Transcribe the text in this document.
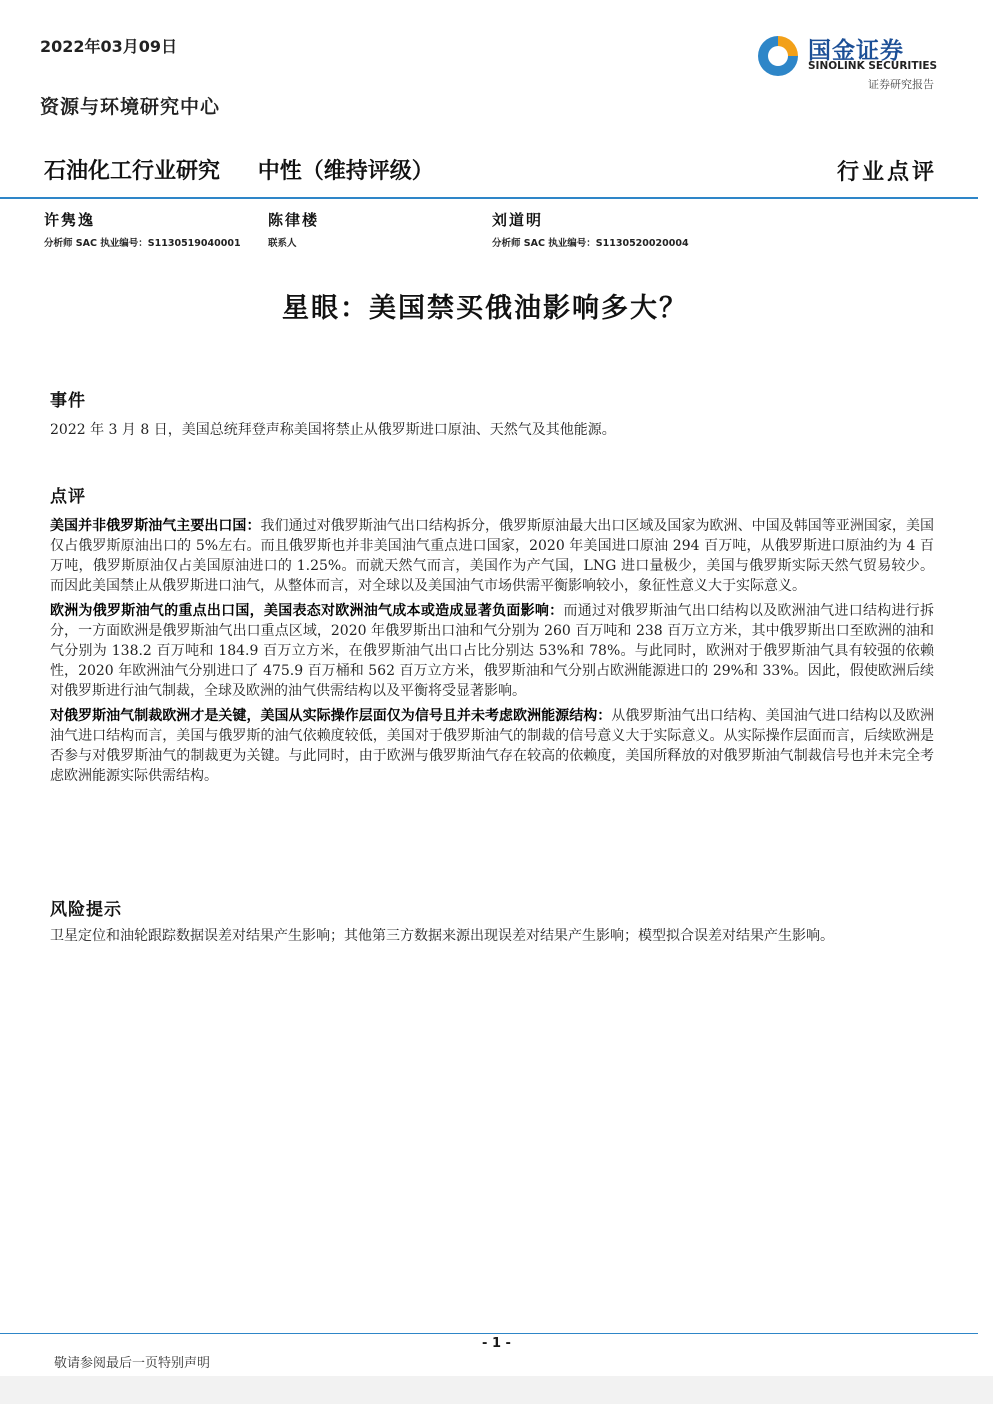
2022年03月09日	国金证券
SINOLINK SECURITIES
证券研究报告
资源与环境研究中心
石油化工行业研究 中性（维持评级）	行业点评
许隽逸
分析师 SAC 执业编号：S1130519040001
陈律楼
联系人
刘道明
分析师 SAC 执业编号：S1130520020004
星眼：美国禁买俄油影响多大？
事件
2022 年 3 月 8 日，美国总统拜登声称美国将禁止从俄罗斯进口原油、天然气及其他能源。
点评

美国并非俄罗斯油气主要出口国：我们通过对俄罗斯油气出口结构拆分，俄罗斯原油最大出口区域及国家为欧洲、中国及韩国等亚洲国家，美国仅占俄罗斯原油出口的 5%左右。而且俄罗斯也并非美国油气重点进口国家，2020 年美国进口原油 294 百万吨，从俄罗斯进口原油约为 4 百万吨，俄罗斯原油仅占美国原油进口的 1.25%。而就天然气而言，美国作为产气国，LNG 进口量极少，美国与俄罗斯实际天然气贸易较少。而因此美国禁止从俄罗斯进口油气，从整体而言，对全球以及美国油气市场供需平衡影响较小，象征性意义大于实际意义。

欧洲为俄罗斯油气的重点出口国，美国表态对欧洲油气成本或造成显著负面影响：而通过对俄罗斯油气出口结构以及欧洲油气进口结构进行拆分，一方面欧洲是俄罗斯油气出口重点区域，2020 年俄罗斯出口油和气分别为 260 百万吨和 238 百万立方米，其中俄罗斯出口至欧洲的油和气分别为 138.2 百万吨和 184.9 百万立方米，在俄罗斯油气出口占比分别达 53%和 78%。与此同时，欧洲对于俄罗斯油气具有较强的依赖性，2020 年欧洲油气分别进口了 475.9 百万桶和 562 百万立方米，俄罗斯油和气分别占欧洲能源进口的 29%和 33%。因此，假使欧洲后续对俄罗斯进行油气制裁，全球及欧洲的油气供需结构以及平衡将受显著影响。

对俄罗斯油气制裁欧洲才是关键，美国从实际操作层面仅为信号且并未考虑欧洲能源结构：从俄罗斯油气出口结构、美国油气进口结构以及欧洲油气进口结构而言，美国与俄罗斯的油气依赖度较低，美国对于俄罗斯油气的制裁的信号意义大于实际意义。从实际操作层面而言，后续欧洲是否参与对俄罗斯油气的制裁更为关键。与此同时，由于欧洲与俄罗斯油气存在较高的依赖度，美国所释放的对俄罗斯油气制裁信号也并未完全考虑欧洲能源实际供需结构。

风险提示
卫星定位和油轮跟踪数据误差对结果产生影响；其他第三方数据来源出现误差对结果产生影响；模型拟合误差对结果产生影响。
- 1 -
敬请参阅最后一页特别声明
